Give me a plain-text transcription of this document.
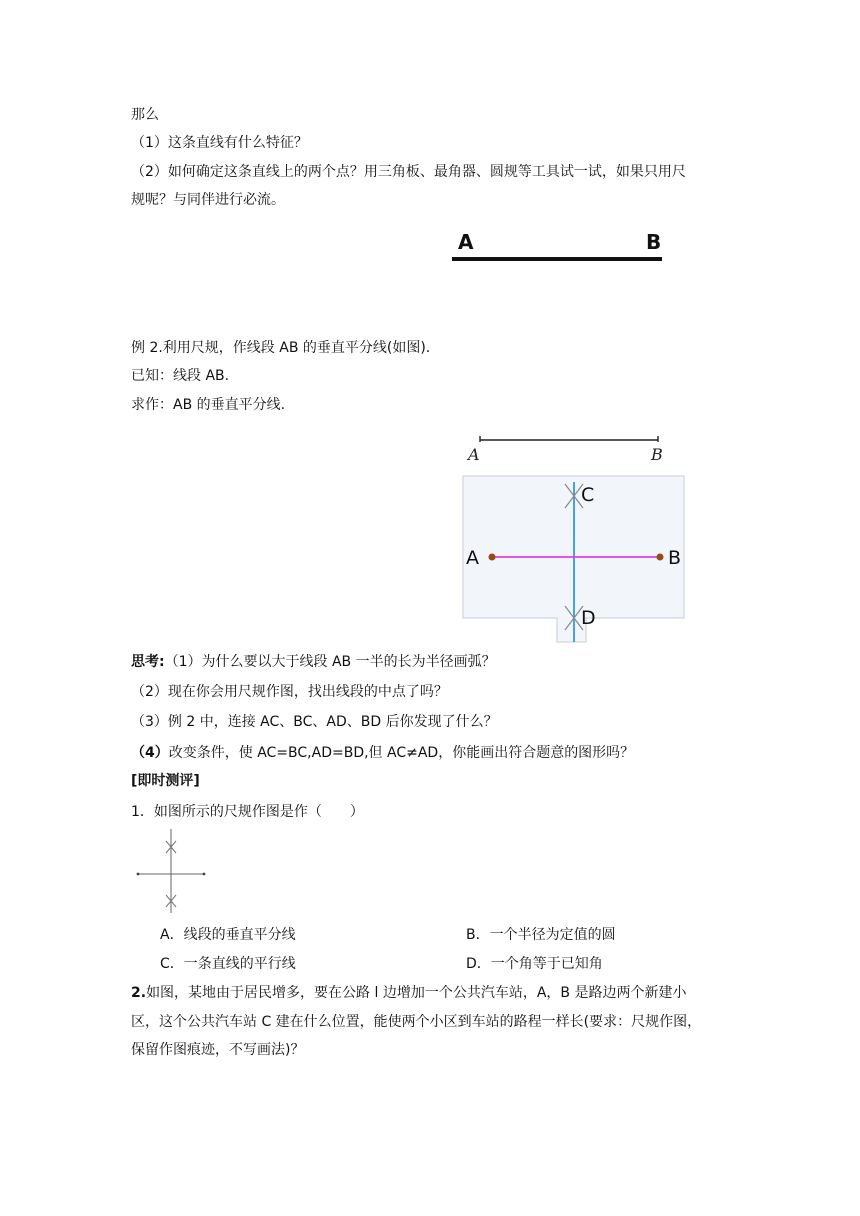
那么
（1）这条直线有什么特征？
（2）如何确定这条直线上的两个点？用三角板、最角器、圆规等工具试一试，如果只用尺
规呢？与同伴进行必流。
A	B
例 2.利用尺规，作线段 AB 的垂直平分线(如图).
已知：线段 AB.
求作：AB 的垂直平分线.
A	B
C
A	B
D
思考:（1）为什么要以大于线段 AB 一半的长为半径画弧？
（2）现在你会用尺规作图，找出线段的中点了吗？
（3）例 2 中，连接 AC、BC、AD、BD 后你发现了什么？
（4）改变条件，使 AC=BC,AD=BD,但 AC≠AD，你能画出符合题意的图形吗？
[即时测评]
1．如图所示的尺规作图是作（　　）
A．线段的垂直平分线	B．一个半径为定值的圆
C．一条直线的平行线	D．一个角等于已知角
2.如图，某地由于居民增多，要在公路 l 边增加一个公共汽车站，A，B 是路边两个新建小
区，这个公共汽车站 C 建在什么位置，能使两个小区到车站的路程一样长(要求：尺规作图，
保留作图痕迹，不写画法)？
